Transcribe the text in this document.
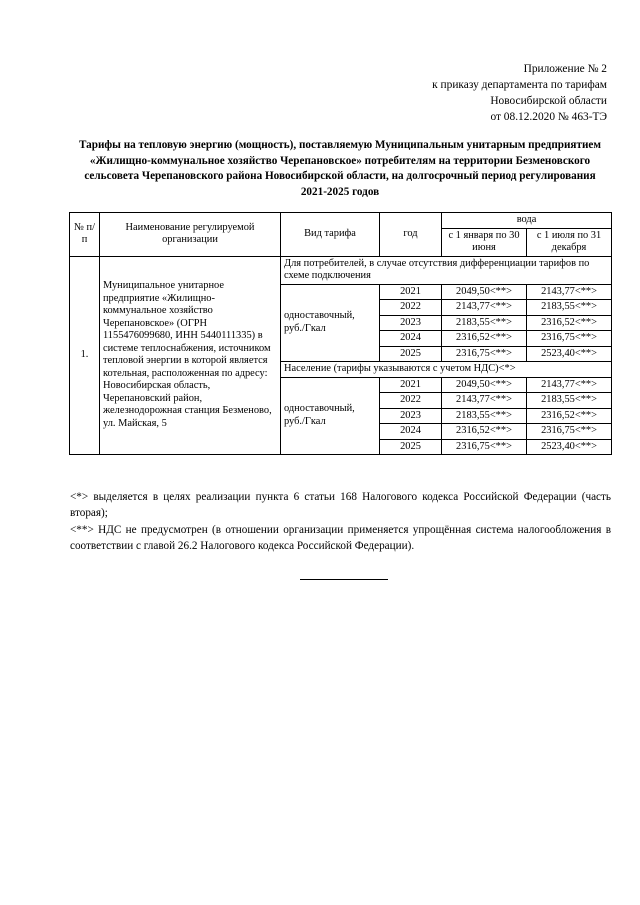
Приложение № 2
к приказу департамента по тарифам
Новосибирской области
от 08.12.2020 № 463-ТЭ
Тарифы на тепловую энергию (мощность), поставляемую Муниципальным унитарным предприятием «Жилищно-коммунальное хозяйство Черепановское» потребителям на территории Безменовского сельсовета Черепановского района Новосибирской области, на долгосрочный период регулирования 2021-2025 годов
№ п/п	Наименование регулируемой организации	Вид тарифа	год	вода	
				с 1 января по 30 июня	с 1 июля по 31 декабря
1.	Муниципальное унитарное предприятие «Жилищно-коммунальное хозяйство Черепановское» (ОГРН 1155476099680, ИНН 5440111335) в системе теплоснабжения, источником тепловой энергии в которой является котельная, расположенная по адресу: Новосибирская область, Черепановский район, железнодорожная станция Безменово, ул. Майская, 5	Для потребителей, в случае отсутствия дифференциации тарифов по схеме подключения			
		одноставочный, руб./Гкал	2021	2049,50<**>	2143,77<**>
			2022	2143,77<**>	2183,55<**>
			2023	2183,55<**>	2316,52<**>
			2024	2316,52<**>	2316,75<**>
			2025	2316,75<**>	2523,40<**>
		Население (тарифы указываются с учетом НДС)<*>			
		одноставочный, руб./Гкал	2021	2049,50<**>	2143,77<**>
			2022	2143,77<**>	2183,55<**>
			2023	2183,55<**>	2316,52<**>
			2024	2316,52<**>	2316,75<**>
			2025	2316,75<**>	2523,40<**>

<*> выделяется в целях реализации пункта 6 статьи 168 Налогового кодекса Российской Федерации (часть вторая);

<**> НДС не предусмотрен (в отношении организации применяется упрощённая система налогообложения в соответствии с главой 26.2 Налогового кодекса Российской Федерации).
